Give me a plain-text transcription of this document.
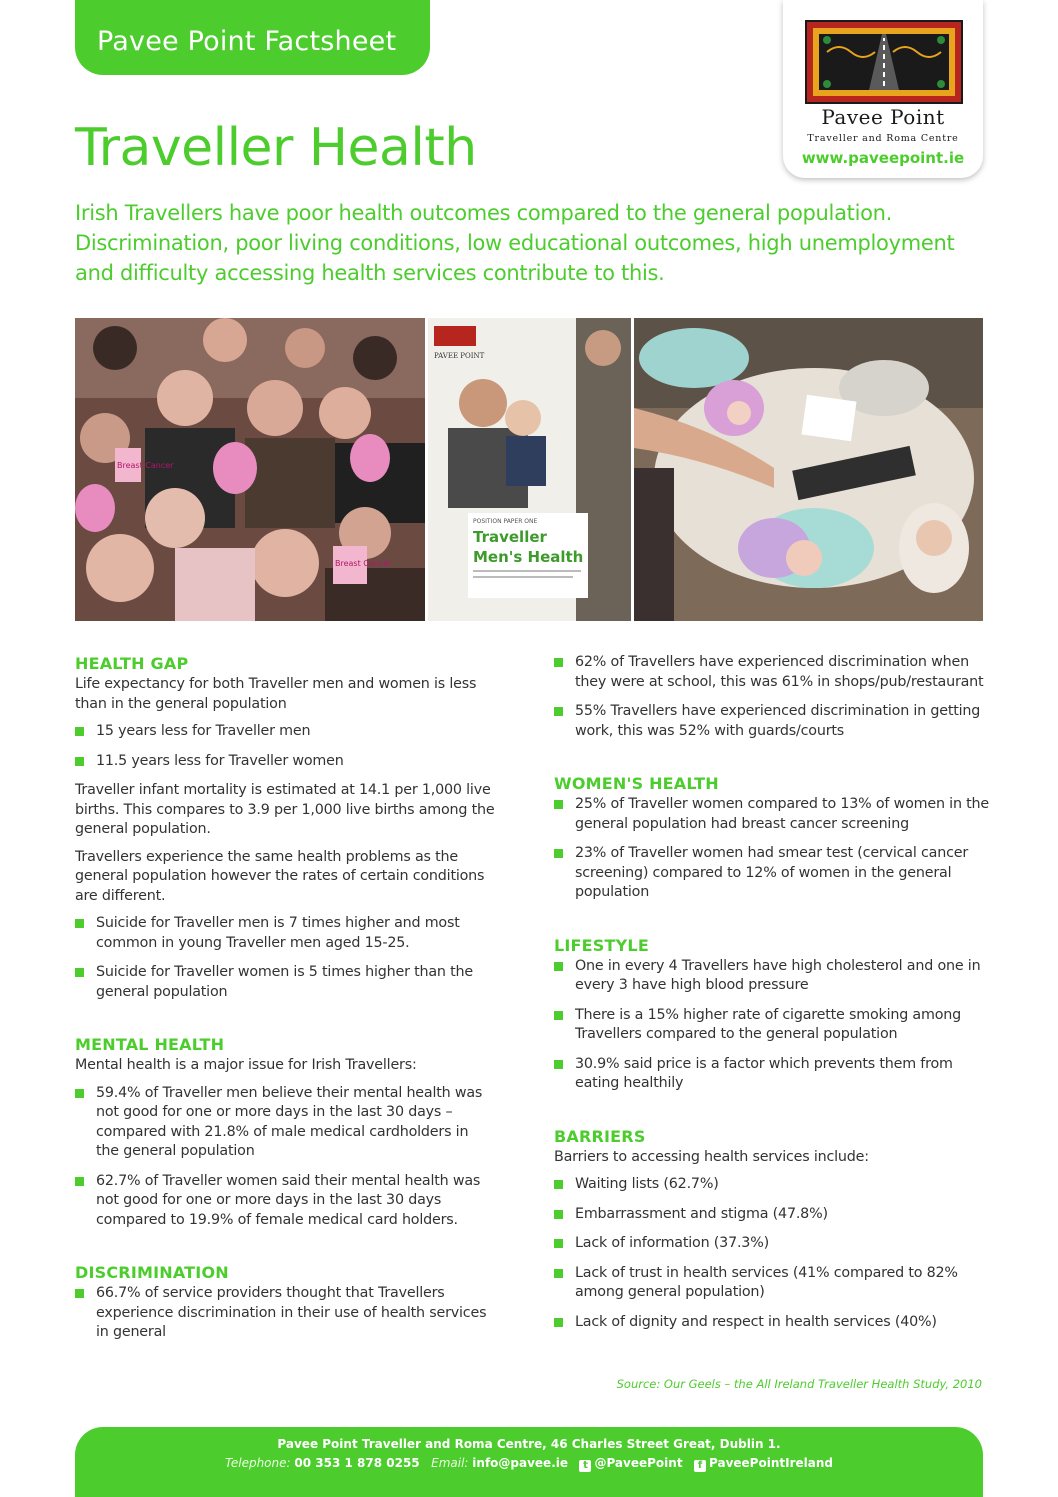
Pavee Point Factsheet
Pavee Point
Traveller and Roma Centre
www.paveepoint.ie
Traveller Health

Irish Travellers have poor health outcomes compared to the general population. Discrimination, poor living conditions, low educational outcomes, high unemployment and difficulty accessing health services contribute to this.

Breast Cancer
Breast Cancer
PAVEE POINT
POSITION PAPER ONE
Traveller
Men's Health
HEALTH GAP

Life expectancy for both Traveller men and women is less than in the general population

15 years less for Traveller men
11.5 years less for Traveller women

Traveller infant mortality is estimated at 14.1 per 1,000 live births. This compares to 3.9 per 1,000 live births among the general population.

Travellers experience the same health problems as the general population however the rates of certain conditions are different.

Suicide for Traveller men is 7 times higher and most common in young Traveller men aged 15-25.
Suicide for Traveller women is 5 times higher than the general population
MENTAL HEALTH

Mental health is a major issue for Irish Travellers:

59.4% of Traveller men believe their mental health was not good for one or more days in the last 30 days – compared with 21.8% of male medical cardholders in the general population
62.7% of Traveller women said their mental health was not good for one or more days in the last 30 days compared to 19.9% of female medical card holders.
DISCRIMINATION
66.7% of service providers thought that Travellers experience discrimination in their use of health services in general
62% of Travellers have experienced discrimination when they were at school, this was 61% in shops/pub/restaurant
55% Travellers have experienced discrimination in getting work, this was 52% with guards/courts
WOMEN'S HEALTH
25% of Traveller women compared to 13% of women in the general population had breast cancer screening
23% of Traveller women had smear test (cervical cancer screening) compared to 12% of women in the general population
LIFESTYLE
One in every 4 Travellers have high cholesterol and one in every 3 have high blood pressure
There is a 15% higher rate of cigarette smoking among Travellers compared to the general population
30.9% said price is a factor which prevents them from eating healthily
BARRIERS

Barriers to accessing health services include:

Waiting lists (62.7%)
Embarrassment and stigma (47.8%)
Lack of information (37.3%)
Lack of trust in health services (41% compared to 82% among general population)
Lack of dignity and respect in health services (40%)
Source: Our Geels – the All Ireland Traveller Health Study, 2010
Pavee Point Traveller and Roma Centre, 46 Charles Street Great, Dublin 1.
Telephone: 00 353 1 878 0255 Email: info@pavee.ie t @PaveePoint f PaveePointIreland
